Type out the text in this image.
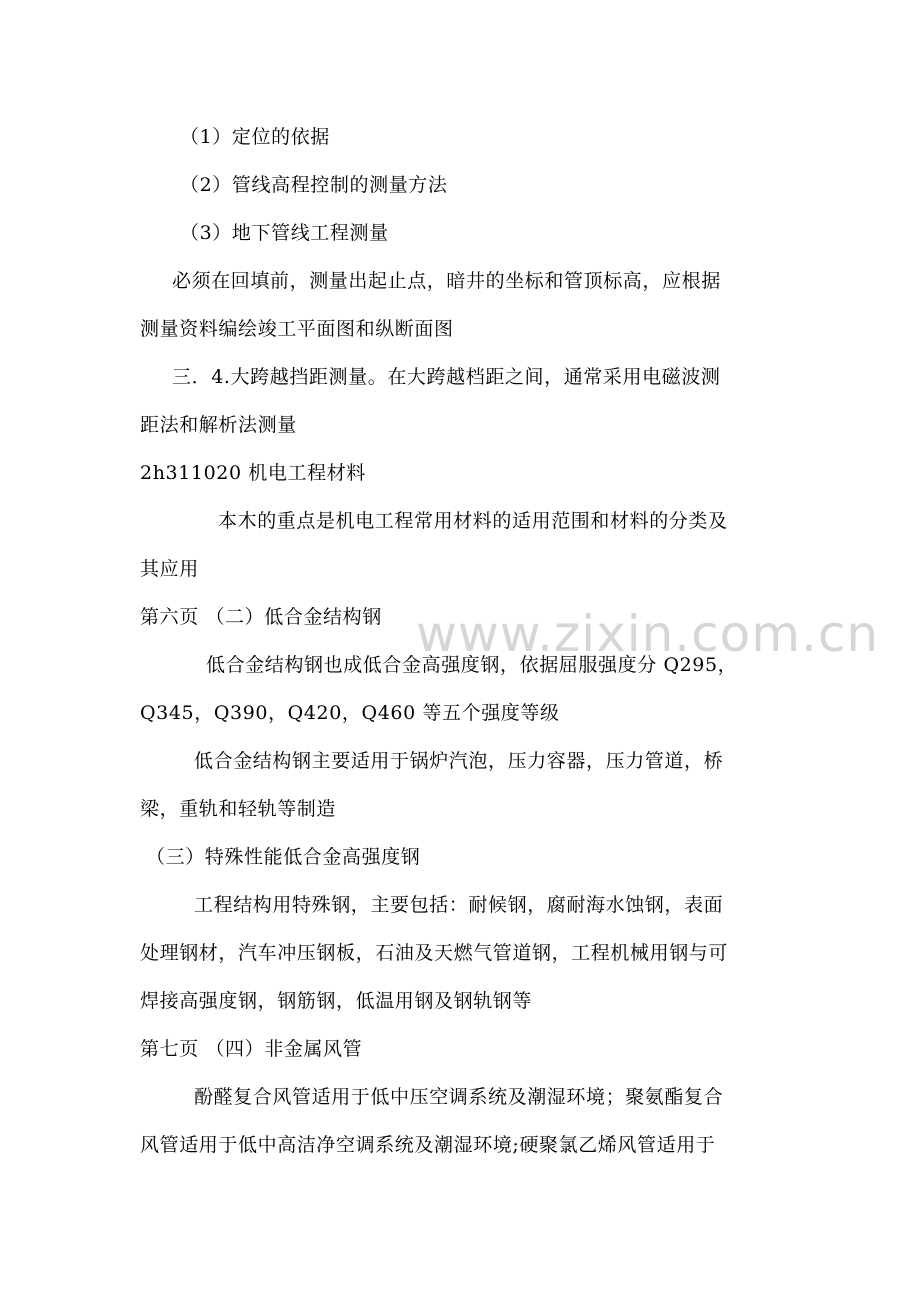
（1）定位的依据
（2）管线高程控制的测量方法
（3）地下管线工程测量
必须在回填前，测量出起止点，暗井的坐标和管顶标高，应根据
测量资料编绘竣工平面图和纵断面图
三．4.大跨越挡距测量。在大跨越档距之间，通常采用电磁波测
距法和解析法测量
2h311020 机电工程材料
本木的重点是机电工程常用材料的适用范围和材料的分类及
其应用
第六页 （二）低合金结构钢
低合金结构钢也成低合金高强度钢，依据屈服强度分 Q295，
Q345，Q390，Q420，Q460 等五个强度等级
低合金结构钢主要适用于锅炉汽泡，压力容器，压力管道，桥
梁，重轨和轻轨等制造
（三）特殊性能低合金高强度钢
工程结构用特殊钢，主要包括：耐候钢，腐耐海水蚀钢，表面
处理钢材，汽车冲压钢板，石油及天燃气管道钢，工程机械用钢与可
焊接高强度钢，钢筋钢，低温用钢及钢轨钢等
第七页 （四）非金属风管
酚醛复合风管适用于低中压空调系统及潮湿环境；聚氨酯复合
风管适用于低中高洁净空调系统及潮湿环境;硬聚氯乙烯风管适用于
www.zixin.com.cn
